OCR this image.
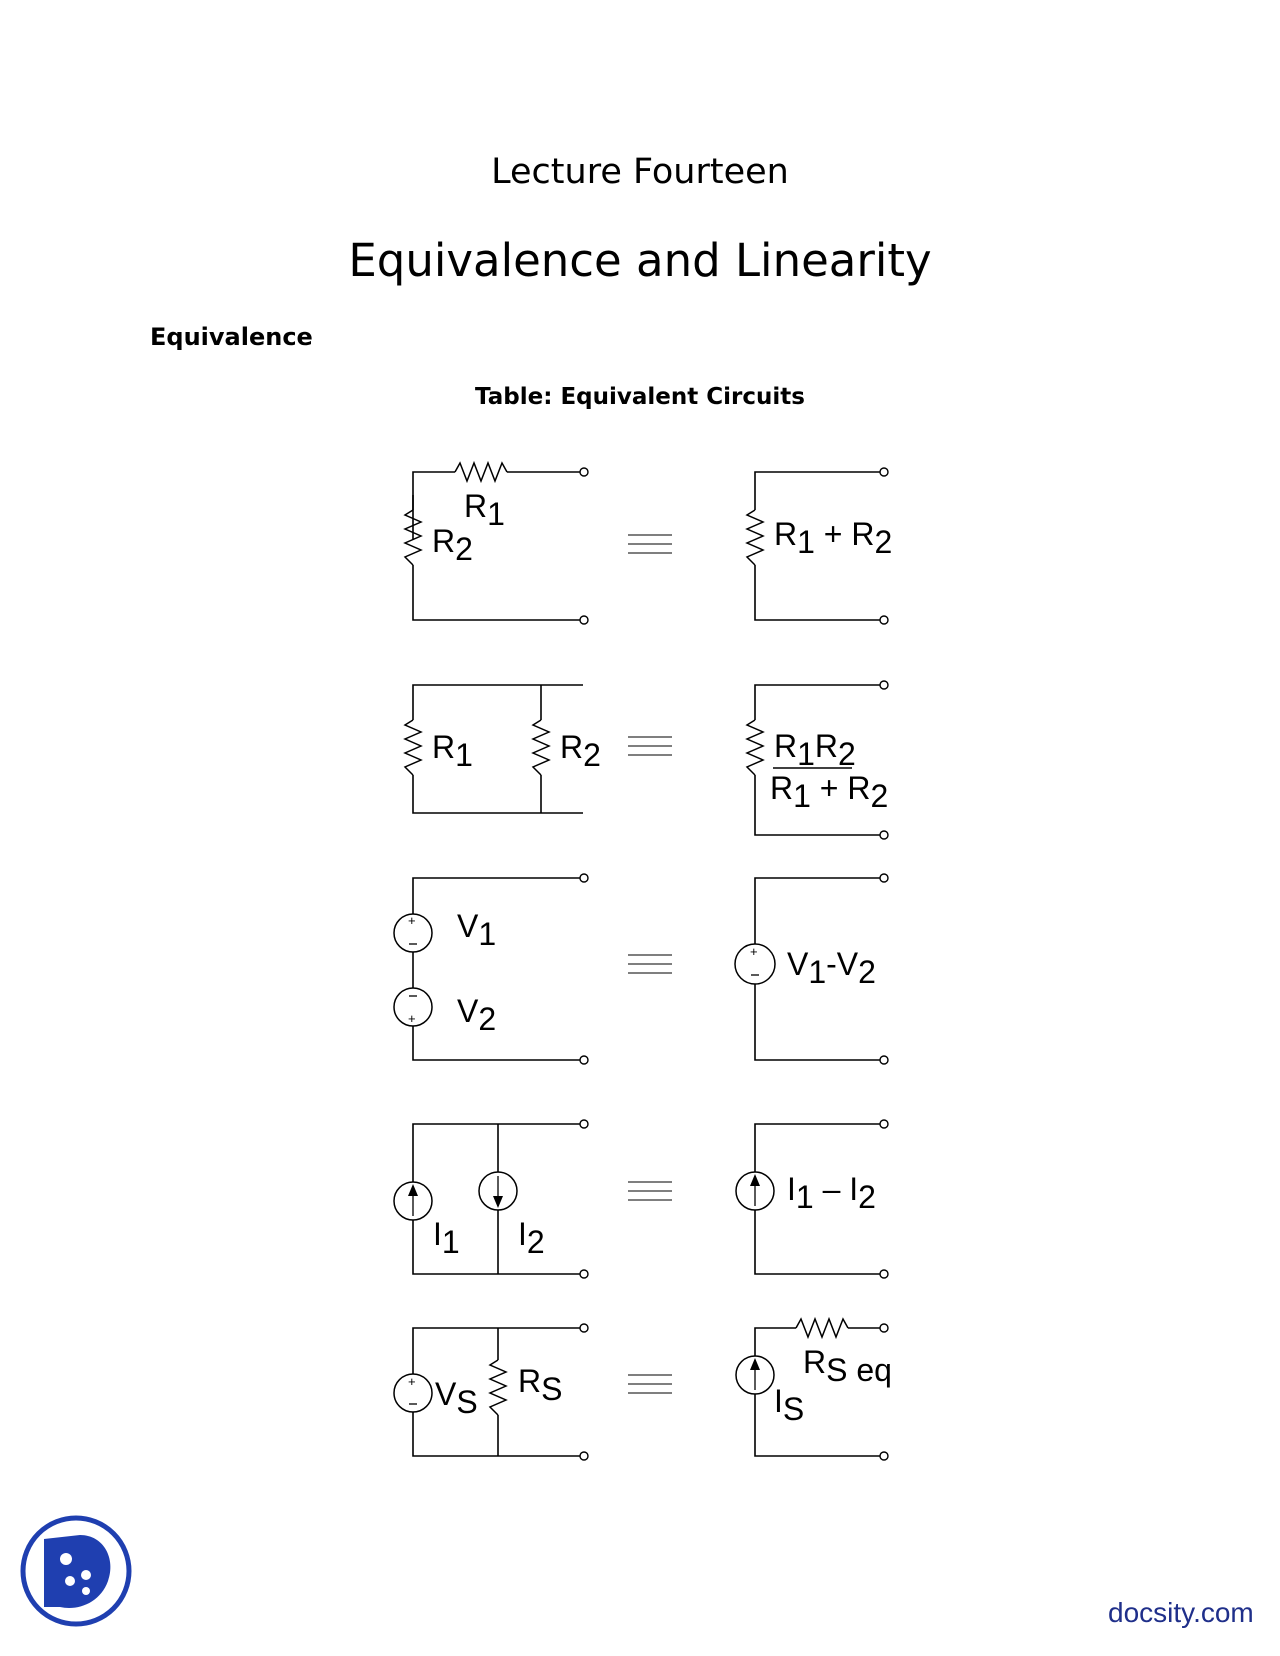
Lecture Fourteen
Equivalence and Linearity
Equivalence
Table: Equivalent Circuits
R1
R2	R1 + R2
R1	R2	R1R2
R1 + R2
+
+
V1
V2
+ V1-V2
I1 I2
I1 – I2
+ VS
RS
RS eq
IS
docsity.com
